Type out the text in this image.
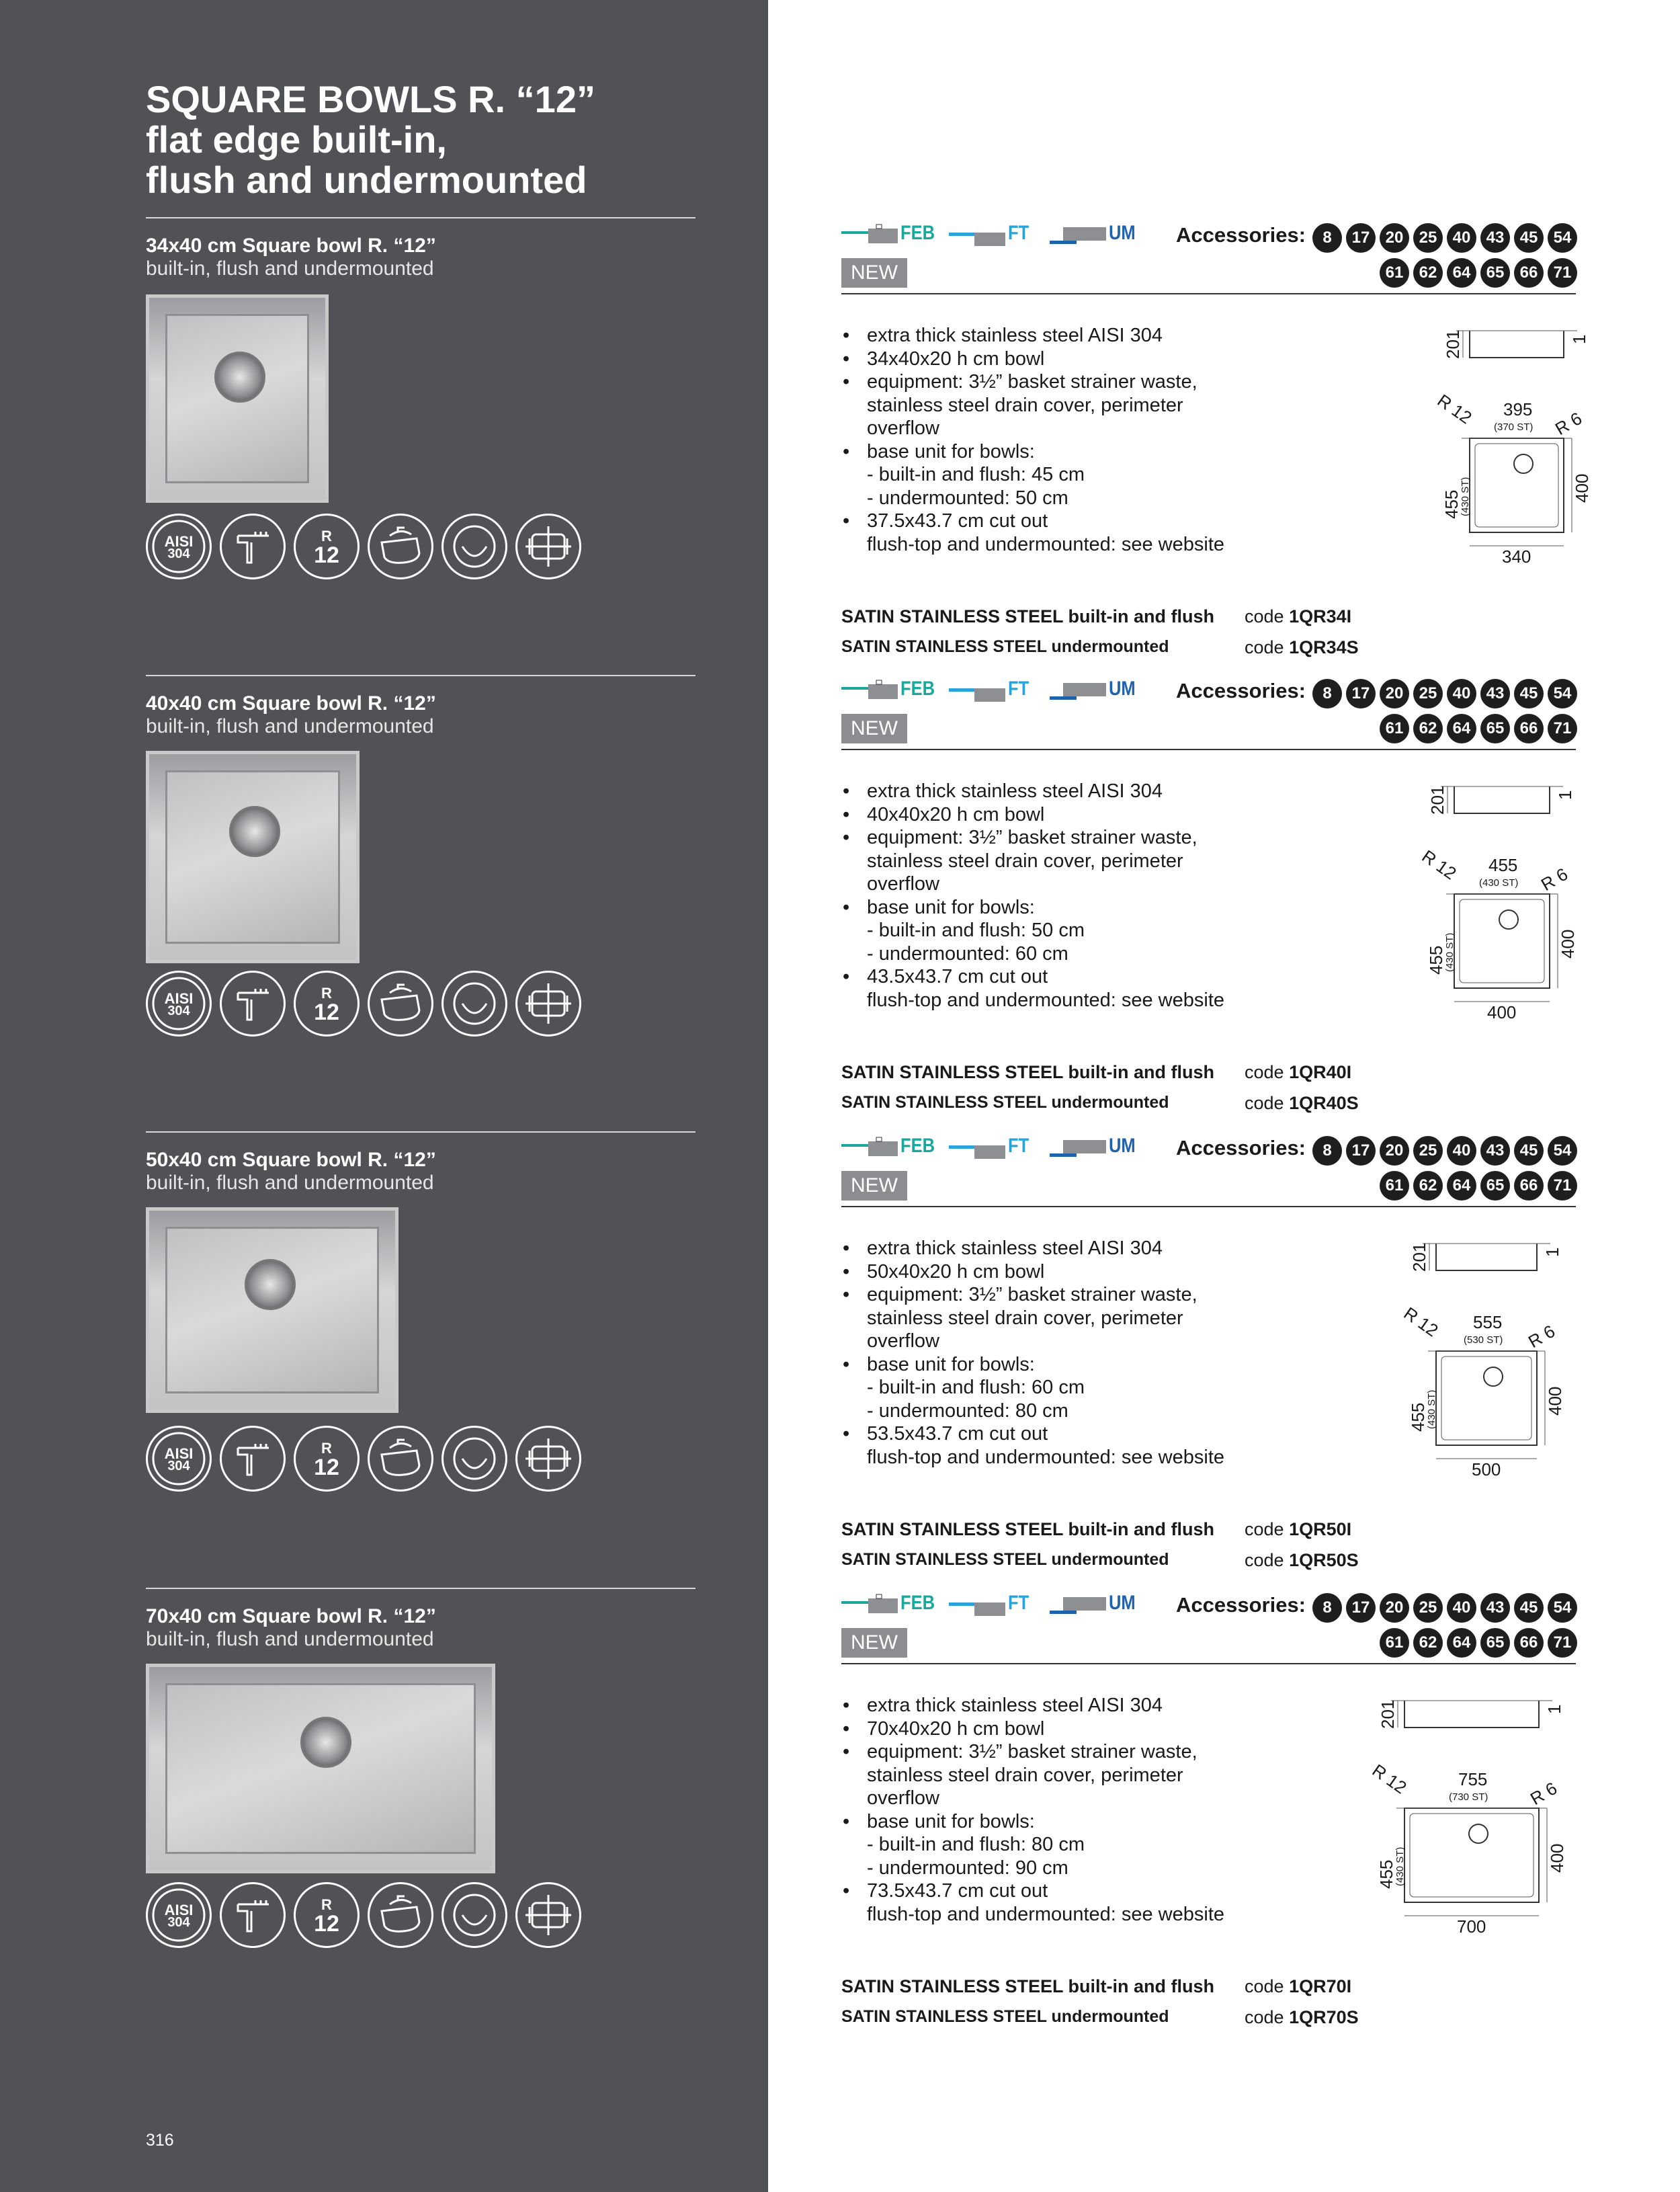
SQUARE BOWLS R. “12”
flat edge built-in,
flush and undermounted
34x40 cm Square bowl R. “12”
built-in, flush and undermounted
AISI
304
R
12
40x40 cm Square bowl R. “12”
built-in, flush and undermounted
AISI
304
R
12
50x40 cm Square bowl R. “12”
built-in, flush and undermounted
AISI
304
R
12
70x40 cm Square bowl R. “12”
built-in, flush and undermounted
AISI
304
R
12
316
FEB	FT	UM Accessories:	8	17 20 25 40 43 45 54
61 62 64 65 66 71
NEW
• extra thick stainless steel AISI 304
• 34x40x20 h cm bowl
• equipment: 3½” basket strainer waste,
stainless steel drain cover, perimeter
overflow
• base unit for bowls:
- built-in and flush: 45 cm
- undermounted: 50 cm
• 37.5x43.7 cm cut out
flush-top and undermounted: see website
201	1
395
(370 ST)
R 12	R 6
455
(430 ST)	400
340
SATIN STAINLESS STEEL built-in and flush code 1QR34I
SATIN STAINLESS STEEL undermounted	code 1QR34S
FEB	FT	UM Accessories:	8	17 20 25 40 43 45 54
61 62 64 65 66 71
NEW
• extra thick stainless steel AISI 304
• 40x40x20 h cm bowl
• equipment: 3½” basket strainer waste,
stainless steel drain cover, perimeter
overflow
• base unit for bowls:
- built-in and flush: 50 cm
- undermounted: 60 cm
• 43.5x43.7 cm cut out
flush-top and undermounted: see website
201	1
455
(430 ST)
R 12	R 6
455
(430 ST)	400
400
SATIN STAINLESS STEEL built-in and flush code 1QR40I
SATIN STAINLESS STEEL undermounted	code 1QR40S
FEB	FT	UM Accessories:	8	17 20 25 40 43 45 54
61 62 64 65 66 71
NEW
• extra thick stainless steel AISI 304
• 50x40x20 h cm bowl
• equipment: 3½” basket strainer waste,
stainless steel drain cover, perimeter
overflow
• base unit for bowls:
- built-in and flush: 60 cm
- undermounted: 80 cm
• 53.5x43.7 cm cut out
flush-top and undermounted: see website
201	1
555
(530 ST)
R 12	R 6
455
(430 ST)	400
500
SATIN STAINLESS STEEL built-in and flush code 1QR50I
SATIN STAINLESS STEEL undermounted	code 1QR50S
FEB	FT	UM Accessories:	8	17 20 25 40 43 45 54
61 62 64 65 66 71
NEW
• extra thick stainless steel AISI 304
• 70x40x20 h cm bowl
• equipment: 3½” basket strainer waste,
stainless steel drain cover, perimeter
overflow
• base unit for bowls:
- built-in and flush: 80 cm
- undermounted: 90 cm
• 73.5x43.7 cm cut out
flush-top and undermounted: see website
201	1
755
(730 ST)
R 12	R 6
455
(430 ST)	400
700
SATIN STAINLESS STEEL built-in and flush code 1QR70I
SATIN STAINLESS STEEL undermounted	code 1QR70S
